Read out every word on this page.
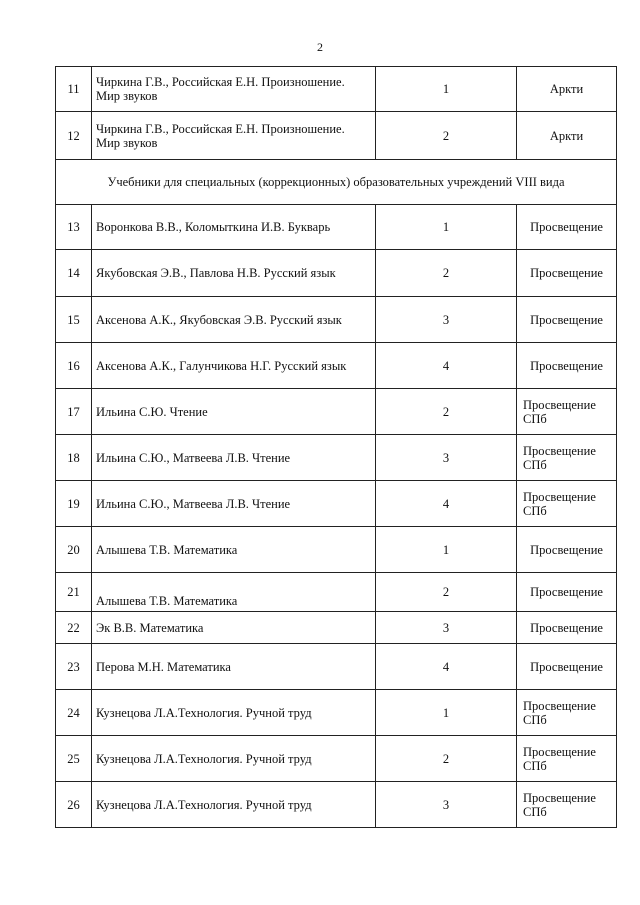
2
11	Чиркина Г.В., Российская Е.Н. Произношение. Мир звуков	1	Аркти
12	Чиркина Г.В., Российская Е.Н. Произношение. Мир звуков	2	Аркти
Учебники для специальных (коррекционных) образовательных учреждений VIII вида			
13	Воронкова В.В., Коломыткина И.В. Букварь	1	Просвещение
14	Якубовская Э.В., Павлова Н.В. Русский язык	2	Просвещение
15	Аксенова А.К., Якубовская Э.В. Русский язык	3	Просвещение
16	Аксенова А.К., Галунчикова Н.Г. Русский язык	4	Просвещение
17	Ильина С.Ю. Чтение	2	Просвещение СПб
18	Ильина С.Ю., Матвеева Л.В. Чтение	3	Просвещение СПб
19	Ильина С.Ю., Матвеева Л.В. Чтение	4	Просвещение СПб
20	Алышева Т.В. Математика	1	Просвещение
21	Алышева Т.В. Математика	2	Просвещение
22	Эк В.В. Математика	3	Просвещение
23	Перова М.Н. Математика	4	Просвещение
24	Кузнецова Л.А.Технология. Ручной труд	1	Просвещение СПб
25	Кузнецова Л.А.Технология. Ручной труд	2	Просвещение СПб
26	Кузнецова Л.А.Технология. Ручной труд	3	Просвещение СПб
